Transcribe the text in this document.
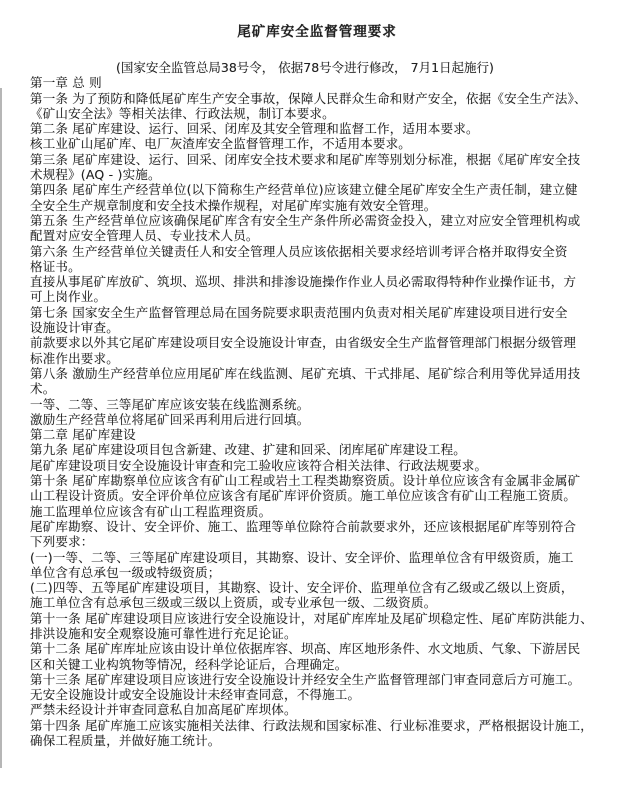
尾矿库安全监督管理要求

(国家安全监管总局38号令， 依据78号令进行修改， 7月1日起施行)

第一章 总 则
第一条 为了预防和降低尾矿库生产安全事故，保障人民群众生命和财产安全，依据《安全生产法》、
《矿山安全法》等相关法律、行政法规，制订本要求。
第二条 尾矿库建设、运行、回采、闭库及其安全管理和监督工作，适用本要求。
核工业矿山尾矿库、电厂灰渣库安全监督管理工作，不适用本要求。
第三条 尾矿库建设、运行、回采、闭库安全技术要求和尾矿库等别划分标准，根据《尾矿库安全技
术规程》(AQ - )实施。
第四条 尾矿库生产经营单位(以下简称生产经营单位)应该建立健全尾矿库安全生产责任制，建立健
全安全生产规章制度和安全技术操作规程，对尾矿库实施有效安全管理。
第五条 生产经营单位应该确保尾矿库含有安全生产条件所必需资金投入，建立对应安全管理机构或
配置对应安全管理人员、专业技术人员。
第六条 生产经营单位关键责任人和安全管理人员应该依据相关要求经培训考评合格并取得安全资
格证书。
直接从事尾矿库放矿、筑坝、巡坝、排洪和排渗设施操作作业人员必需取得特种作业操作证书，方
可上岗作业。
第七条 国家安全生产监督管理总局在国务院要求职责范围内负责对相关尾矿库建设项目进行安全
设施设计审查。
前款要求以外其它尾矿库建设项目安全设施设计审查，由省级安全生产监督管理部门根据分级管理
标准作出要求。
第八条 激励生产经营单位应用尾矿库在线监测、尾矿充填、干式排尾、尾矿综合利用等优异适用技
术。
一等、二等、三等尾矿库应该安装在线监测系统。
激励生产经营单位将尾矿回采再利用后进行回填。
第二章 尾矿库建设
第九条 尾矿库建设项目包含新建、改建、扩建和回采、闭库尾矿库建设工程。
尾矿库建设项目安全设施设计审查和完工验收应该符合相关法律、行政法规要求。
第十条 尾矿库勘察单位应该含有矿山工程或岩土工程类勘察资质。设计单位应该含有金属非金属矿
山工程设计资质。安全评价单位应该含有尾矿库评价资质。施工单位应该含有矿山工程施工资质。
施工监理单位应该含有矿山工程监理资质。
尾矿库勘察、设计、安全评价、施工、监理等单位除符合前款要求外，还应该根据尾矿库等别符合
下列要求：
(一)一等、二等、三等尾矿库建设项目，其勘察、设计、安全评价、监理单位含有甲级资质，施工
单位含有总承包一级或特级资质；
(二)四等、五等尾矿库建设项目，其勘察、设计、安全评价、监理单位含有乙级或乙级以上资质，
施工单位含有总承包三级或三级以上资质，或专业承包一级、二级资质。
第十一条 尾矿库建设项目应该进行安全设施设计，对尾矿库库址及尾矿坝稳定性、尾矿库防洪能力、
排洪设施和安全观察设施可靠性进行充足论证。
第十二条 尾矿库库址应该由设计单位依据库容、坝高、库区地形条件、水文地质、气象、下游居民
区和关键工业构筑物等情况，经科学论证后，合理确定。
第十三条 尾矿库建设项目应该进行安全设施设计并经安全生产监督管理部门审查同意后方可施工。
无安全设施设计或安全设施设计未经审查同意，不得施工。
严禁未经设计并审查同意私自加高尾矿库坝体。
第十四条 尾矿库施工应该实施相关法律、行政法规和国家标准、行业标准要求，严格根据设计施工，
确保工程质量，并做好施工统计。
